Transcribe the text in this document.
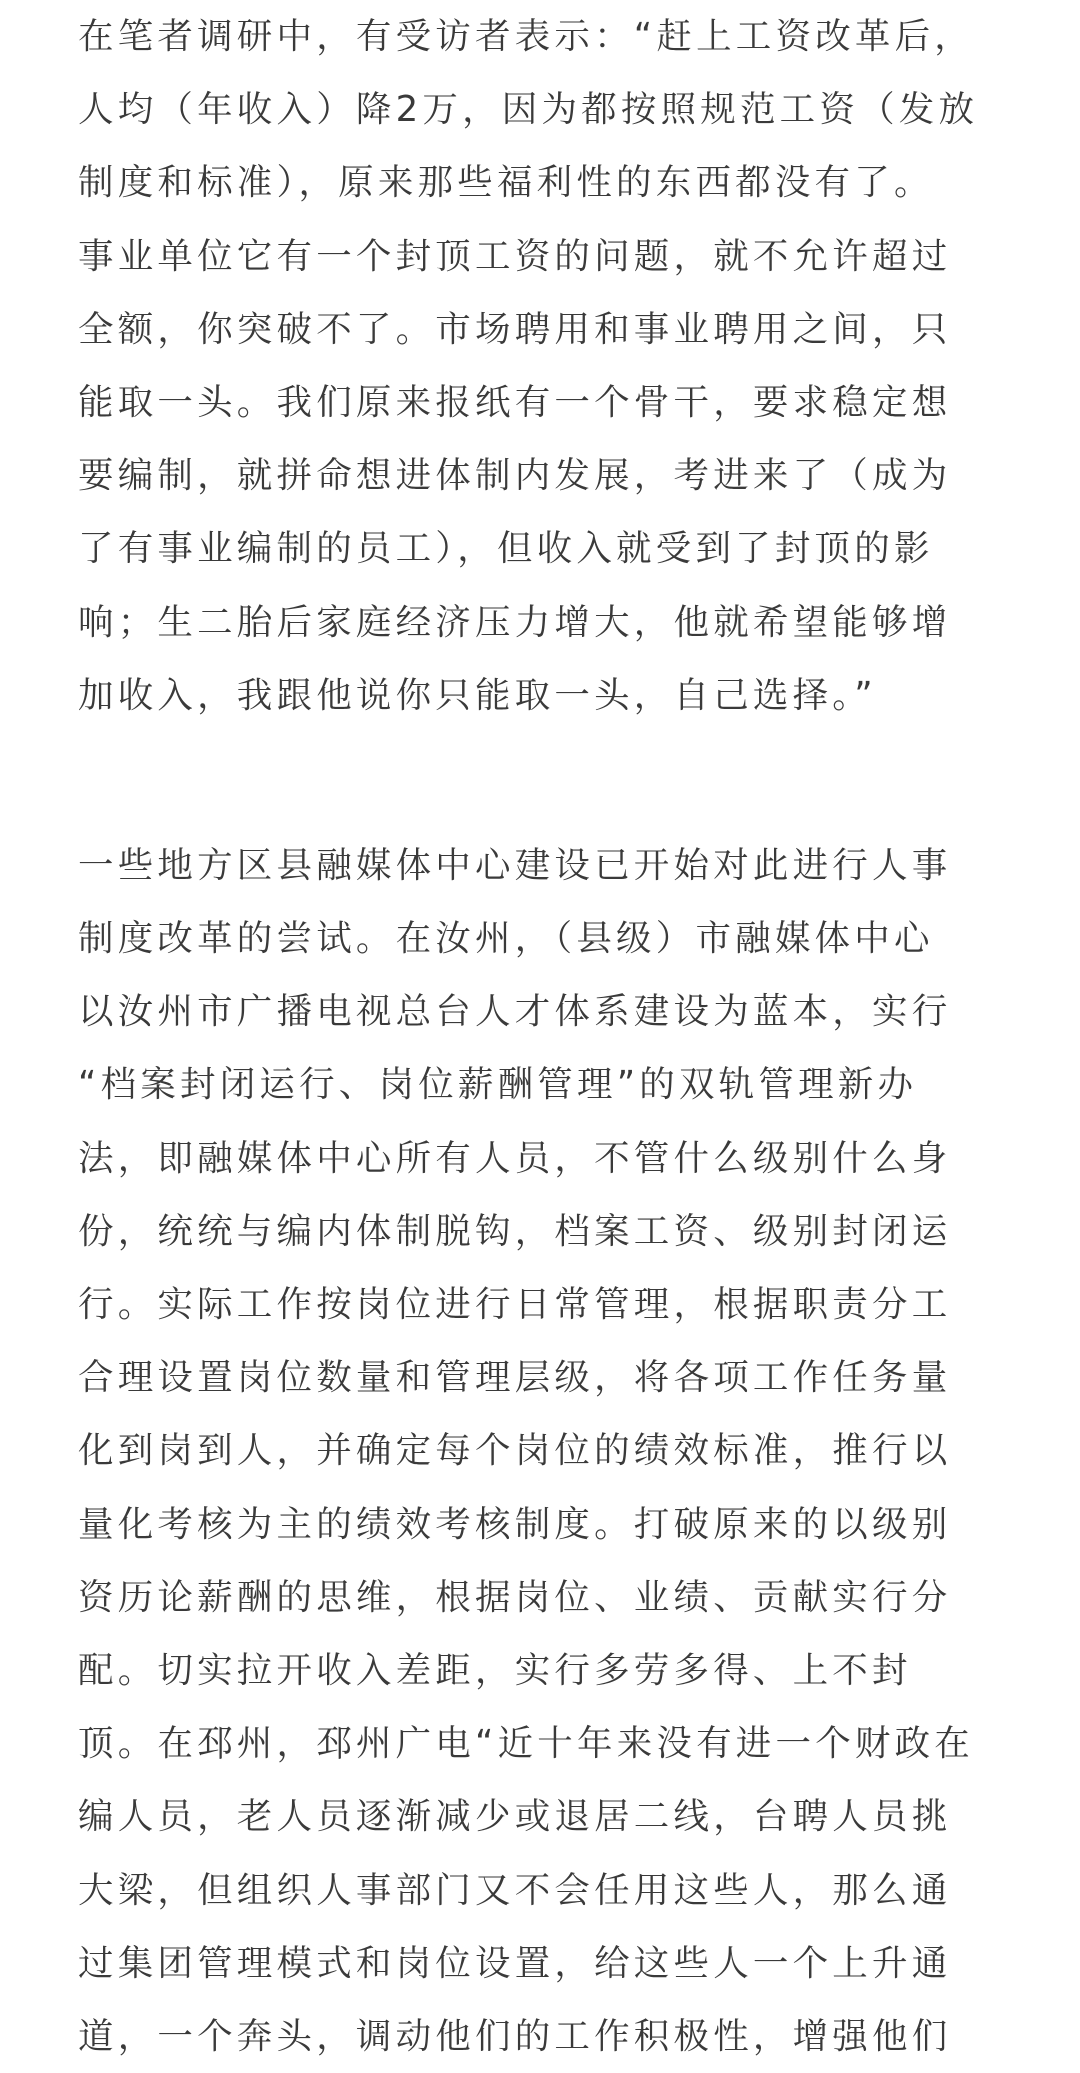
在笔者调研中，有受访者表示：“赶上工资改革后，
人均（年收入）降2万，因为都按照规范工资（发放
制度和标准），原来那些福利性的东西都没有了。
事业单位它有一个封顶工资的问题，就不允许超过
全额，你突破不了。市场聘用和事业聘用之间，只
能取一头。我们原来报纸有一个骨干，要求稳定想
要编制，就拼命想进体制内发展，考进来了（成为
了有事业编制的员工），但收入就受到了封顶的影
响；生二胎后家庭经济压力增大，他就希望能够增
加收入，我跟他说你只能取一头，自己选择。”
一些地方区县融媒体中心建设已开始对此进行人事
制度改革的尝试。在汝州，（县级）市融媒体中心
以汝州市广播电视总台人才体系建设为蓝本，实行
“档案封闭运行、岗位薪酬管理”的双轨管理新办
法，即融媒体中心所有人员，不管什么级别什么身
份，统统与编内体制脱钩，档案工资、级别封闭运
行。实际工作按岗位进行日常管理，根据职责分工
合理设置岗位数量和管理层级，将各项工作任务量
化到岗到人，并确定每个岗位的绩效标准，推行以
量化考核为主的绩效考核制度。打破原来的以级别
资历论薪酬的思维，根据岗位、业绩、贡献实行分
配。切实拉开收入差距，实行多劳多得、上不封
顶。在邳州，邳州广电“近十年来没有进一个财政在
编人员，老人员逐渐减少或退居二线，台聘人员挑
大梁，但组织人事部门又不会任用这些人，那么通
过集团管理模式和岗位设置，给这些人一个上升通
道，一个奔头，调动他们的工作积极性，增强他们
